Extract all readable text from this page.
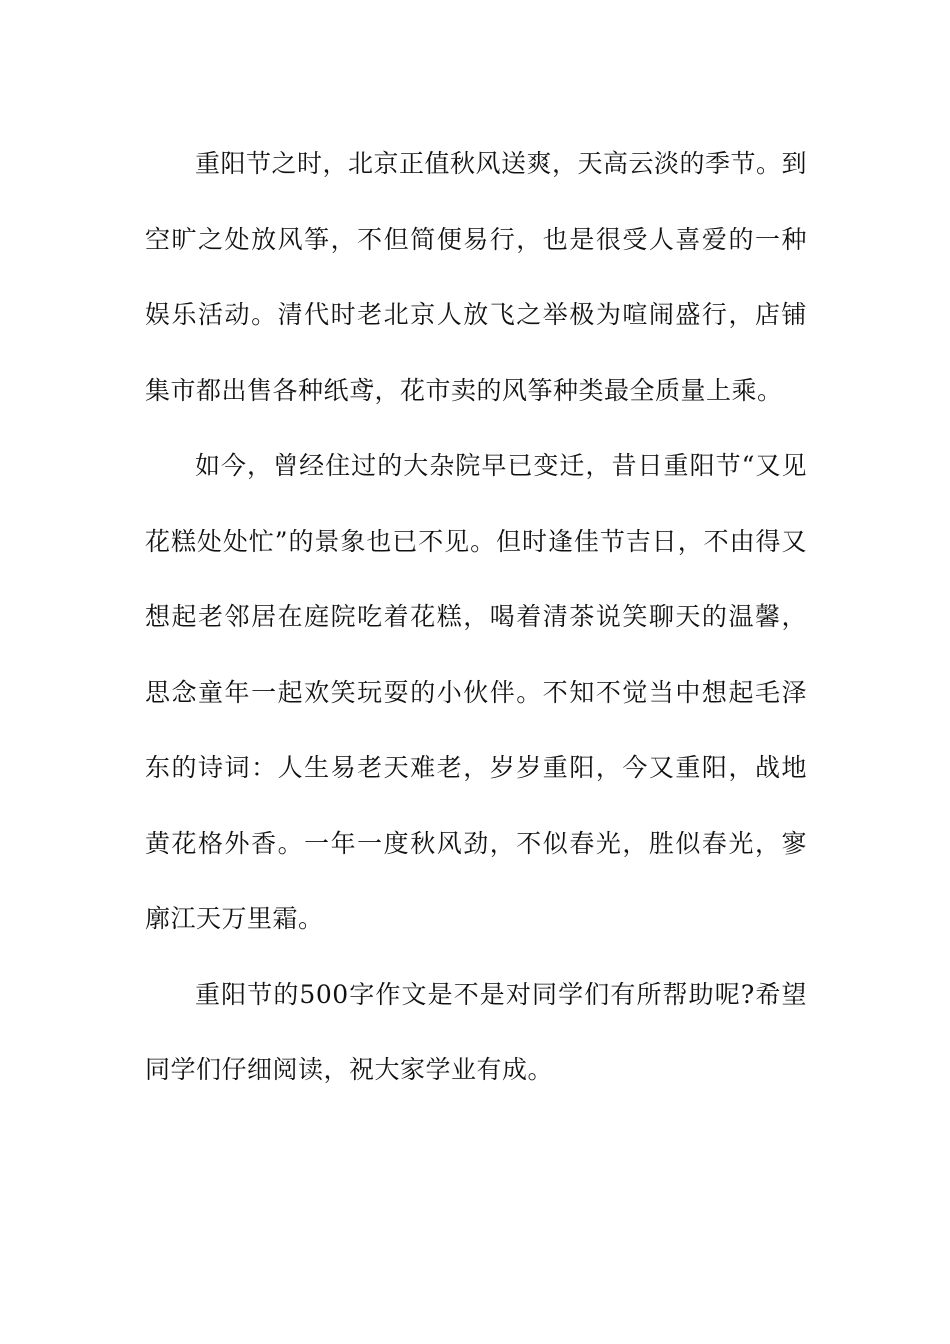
重阳节之时，北京正值秋风送爽，天高云淡的季节。到空旷之处放风筝，不但简便易行，也是很受人喜爱的一种娱乐活动。清代时老北京人放飞之举极为喧闹盛行，店铺集市都出售各种纸鸢，花市卖的风筝种类最全质量上乘。

如今，曾经住过的大杂院早已变迁，昔日重阳节“又见花糕处处忙”的景象也已不见。但时逢佳节吉日，不由得又想起老邻居在庭院吃着花糕，喝着清茶说笑聊天的温馨，思念童年一起欢笑玩耍的小伙伴。不知不觉当中想起毛泽东的诗词：人生易老天难老，岁岁重阳，今又重阳，战地黄花格外香。一年一度秋风劲，不似春光，胜似春光，寥廓江天万里霜。

重阳节的500字作文是不是对同学们有所帮助呢?希望同学们仔细阅读，祝大家学业有成。
